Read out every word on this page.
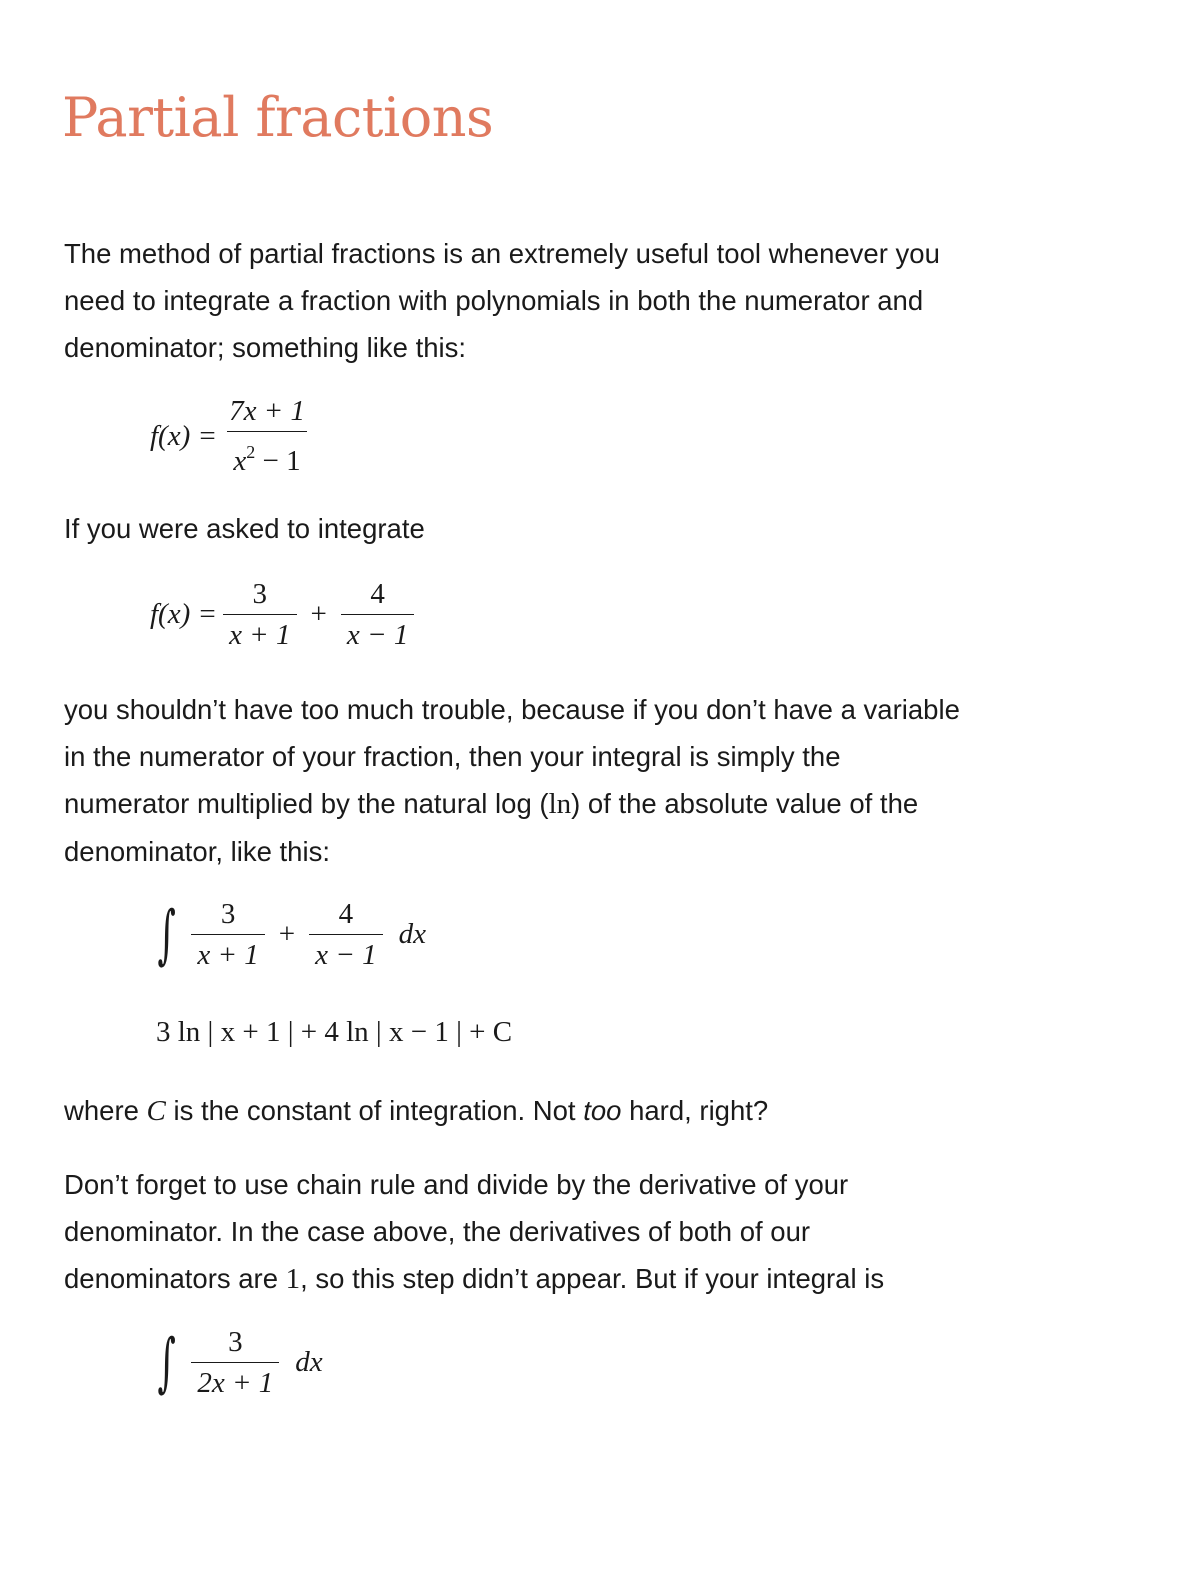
Partial fractions

The method of partial fractions is an extremely useful tool whenever you
need to integrate a fraction with polynomials in both the numerator and
denominator; something like this:

$f(x) = \frac{7x + 1}{x^2 - 1}$

If you were asked to integrate

$f(x) = \frac{3}{x + 1} + \frac{4}{x - 1}$

you shouldn’t have too much trouble, because if you don’t have a variable
in the numerator of your fraction, then your integral is simply the
numerator multiplied by the natural log (ln) of the absolute value of the
denominator, like this:

∫ $\frac{3}{x + 1} + \frac{4}{x - 1}$ dx
3 ln | x + 1 | + 4 ln | x − 1 | + C

where C is the constant of integration. Not too hard, right?

Don’t forget to use chain rule and divide by the derivative of your
denominator. In the case above, the derivatives of both of our
denominators are 1, so this step didn’t appear. But if your integral is

∫ $\frac{3}{2x + 1}$ dx
